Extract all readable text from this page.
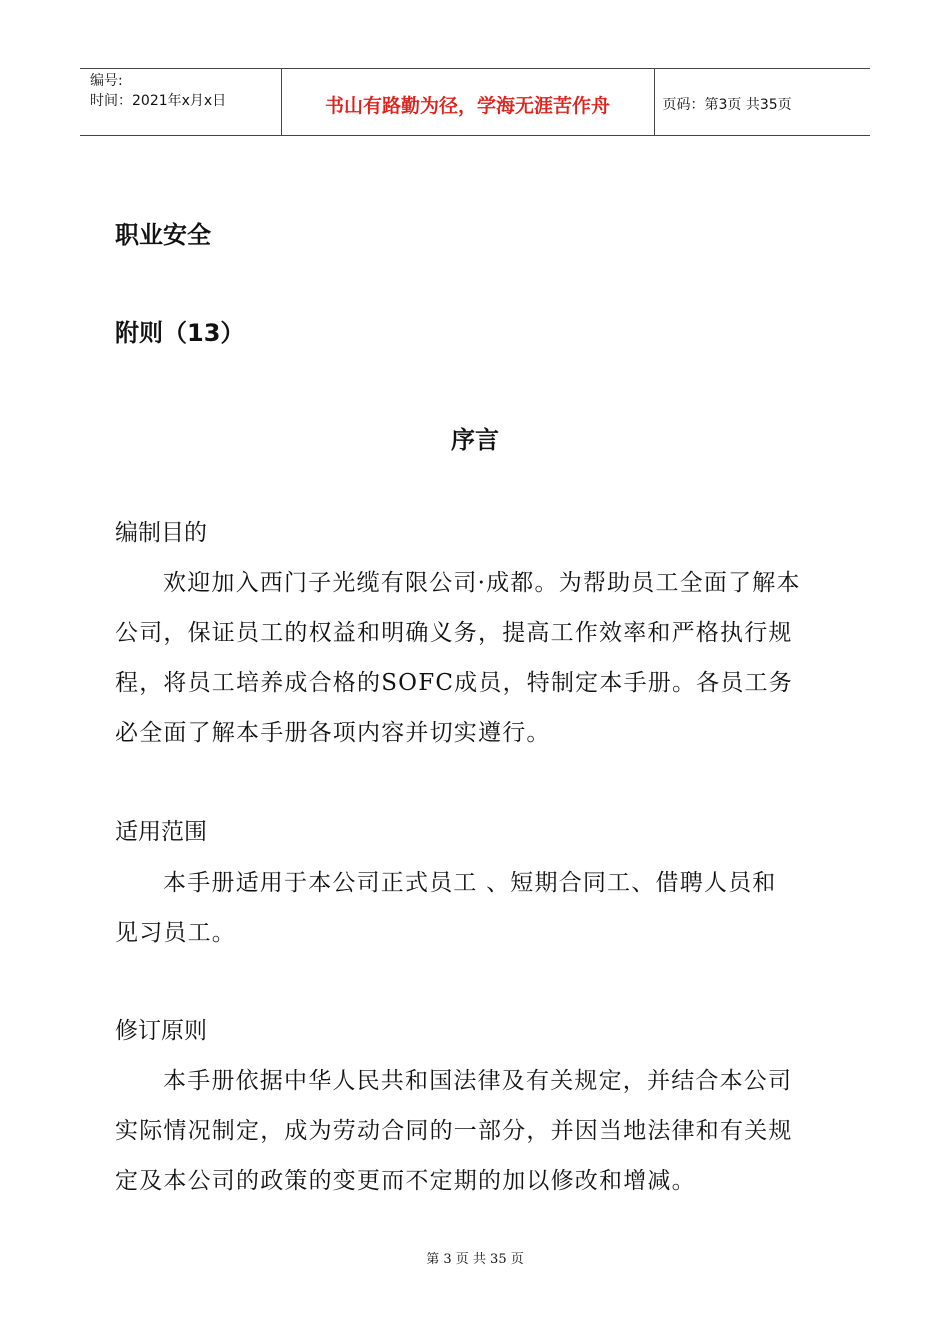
编号:
时间：2021年x月x日	书山有路勤为径，学海无涯苦作舟	页码：第3页 共35页
职业安全
附则（13）
序言
编制目的
欢迎加入西门子光缆有限公司·成都。为帮助员工全面了解本
公司，保证员工的权益和明确义务，提高工作效率和严格执行规
程，将员工培养成合格的SOFC成员，特制定本手册。各员工务
必全面了解本手册各项内容并切实遵行。
适用范围
本手册适用于本公司正式员工 、短期合同工、借聘人员和
见习员工。
修订原则
本手册依据中华人民共和国法律及有关规定，并结合本公司
实际情况制定，成为劳动合同的一部分，并因当地法律和有关规
定及本公司的政策的变更而不定期的加以修改和增减。
第 3 页 共 35 页
